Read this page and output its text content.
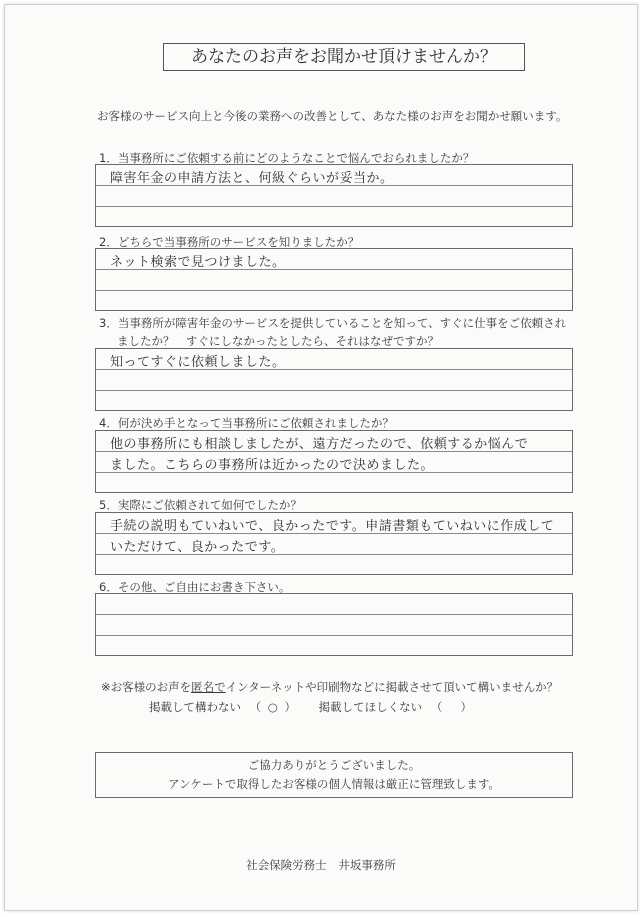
あなたのお声をお聞かせ頂けませんか？
お客様のサービス向上と今後の業務への改善として、あなた様のお声をお聞かせ願います。
1．当事務所にご依頼する前にどのようなことで悩んでおられましたか？
障害年金の申請方法と、何級ぐらいが妥当か。
2．どちらで当事務所のサービスを知りましたか？
ネット検索で見つけました。
3．当事務所が障害年金のサービスを提供していることを知って、すぐに仕事をご依頼され
ましたか？　すぐにしなかったとしたら、それはなぜですか？
知ってすぐに依頼しました。
4．何が決め手となって当事務所にご依頼されましたか？
他の事務所にも相談しましたが、遠方だったので、依頼するか悩んで
ました。こちらの事務所は近かったので決めました。
5．実際にご依頼されて如何でしたか？
手続の説明もていねいで、良かったです。申請書類もていねいに作成して
いただけて、良かったです。
6．その他、ご自由にお書き下さい。
※お客様のお声を匿名でインターネットや印刷物などに掲載させて頂いて構いませんか？
掲載して構わない （ ○ ） 掲載してほしくない （　 ）
ご協力ありがとうございました。
アンケートで取得したお客様の個人情報は厳正に管理致します。
社会保険労務士 井坂事務所
